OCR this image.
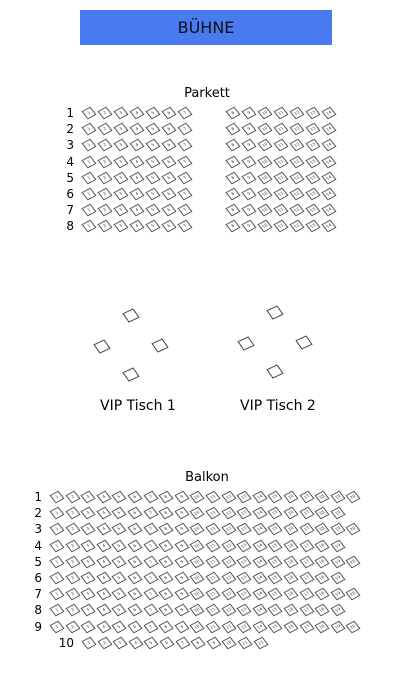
BÜHNE
Parkett
1	1	2	3	4	5	6	7	8	9	10	11	12	13	14
2	1	2	3	4	5	6	7	8	9	10	11	12	13	14
3	1	2	3	4	5	6	7	8	9	10	11	12	13	14
4	1	2	3	4	5	6	7	8	9	10	11	12	13	14
5	1	2	3	4	5	6	7	8	9	10	11	12	13	14
6	1	2	3	4	5	6	7	8	9	10	11	12	13	14
7	1	2	3	4	5	6	7	8	9	10	11	12	13	14
8	1	2	3	4	5	6	7	8	9	10	11	12	13	14
VIP Tisch 1	VIP Tisch 2
Balkon
1	1	2	3	4	5	6	7	8	9	10	11	12	13	14	15	16	17	18	19	20
2	1	2	3	4	5	6	7	8	9	10	11	12	13	14	15	16	17	18	19
3	1	2	3	4	5	6	7	8	9	10	11	12	13	14	15	16	17	18	19	20
4	1	2	3	4	5	6	7	8	9	10	11	12	13	14	15	16	17	18	19
5	1	2	3	4	5	6	7	8	9	10	11	12	13	14	15	16	17	18	19	20
6	1	2	3	4	5	6	7	8	9	10	11	12	13	14	15	16	17	18	19
7	1	2	3	4	5	6	7	8	9	10	11	12	13	14	15	16	17	18	19	20
8	1	2	3	4	5	6	7	8	9	10	11	12	13	14	15	16	17	18	19
9	1	2	3	4	5	6	7	8	9	10	11	12	13	14	15	16	17	18	19	20
10	1	2	3	4	5	6	7	8	9	10	11	12
